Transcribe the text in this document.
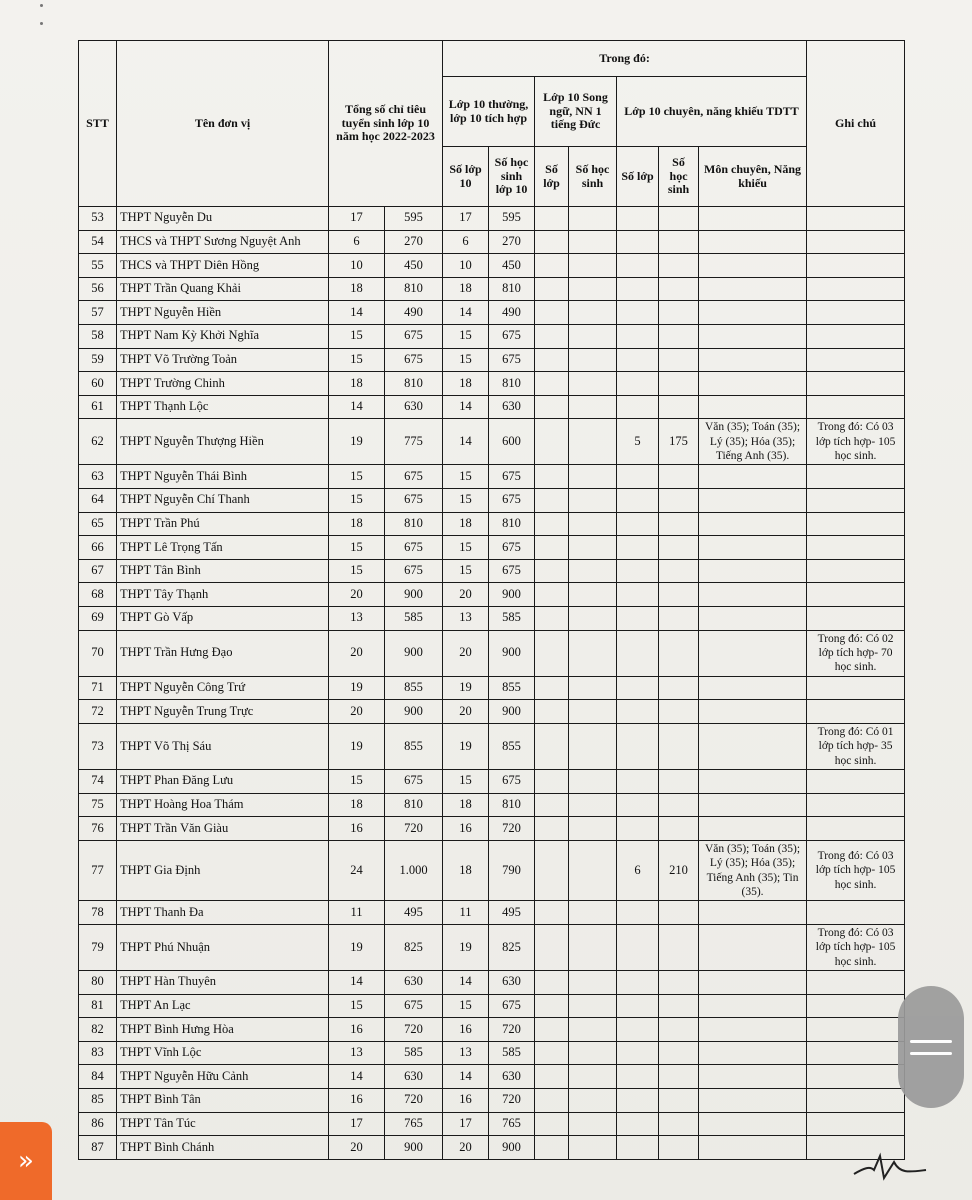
STT	Tên đơn vị	Tổng số chỉ tiêu tuyển sinh lớp 10 năm học 2022-2023		Trong đó:							Ghi chú
				Lớp 10 thường, lớp 10 tích hợp		Lớp 10 Song ngữ, NN 1 tiếng Đức		Lớp 10 chuyên, năng khiếu TDTT			
				Số lớp 10	Số học sinh lớp 10	Số lớp	Số học sinh	Số lớp	Số học sinh	Môn chuyên, Năng khiếu	
53	THPT Nguyễn Du	17	595	17	595						
54	THCS và THPT Sương Nguyệt Anh	6	270	6	270						
55	THCS và THPT Diên Hồng	10	450	10	450						
56	THPT Trần Quang Khải	18	810	18	810						
57	THPT Nguyễn Hiền	14	490	14	490						
58	THPT Nam Kỳ Khởi Nghĩa	15	675	15	675						
59	THPT Võ Trường Toản	15	675	15	675						
60	THPT Trường Chinh	18	810	18	810						
61	THPT Thạnh Lộc	14	630	14	630						
62	THPT Nguyễn Thượng Hiền	19	775	14	600			5	175	Văn (35); Toán (35); Lý (35); Hóa (35); Tiếng Anh (35).	Trong đó: Có 03 lớp tích hợp- 105 học sinh.
63	THPT Nguyễn Thái Bình	15	675	15	675						
64	THPT Nguyễn Chí Thanh	15	675	15	675						
65	THPT Trần Phú	18	810	18	810						
66	THPT Lê Trọng Tấn	15	675	15	675						
67	THPT Tân Bình	15	675	15	675						
68	THPT Tây Thạnh	20	900	20	900						
69	THPT Gò Vấp	13	585	13	585						
70	THPT Trần Hưng Đạo	20	900	20	900						Trong đó: Có 02 lớp tích hợp- 70 học sinh.
71	THPT Nguyễn Công Trứ	19	855	19	855						
72	THPT Nguyễn Trung Trực	20	900	20	900						
73	THPT Võ Thị Sáu	19	855	19	855						Trong đó: Có 01 lớp tích hợp- 35 học sinh.
74	THPT Phan Đăng Lưu	15	675	15	675						
75	THPT Hoàng Hoa Thám	18	810	18	810						
76	THPT Trần Văn Giàu	16	720	16	720						
77	THPT Gia Định	24	1.000	18	790			6	210	Văn (35); Toán (35); Lý (35); Hóa (35); Tiếng Anh (35); Tin (35).	Trong đó: Có 03 lớp tích hợp- 105 học sinh.
78	THPT Thanh Đa	11	495	11	495						
79	THPT Phú Nhuận	19	825	19	825						Trong đó: Có 03 lớp tích hợp- 105 học sinh.
80	THPT Hàn Thuyên	14	630	14	630						
81	THPT An Lạc	15	675	15	675						
82	THPT Bình Hưng Hòa	16	720	16	720						
83	THPT Vĩnh Lộc	13	585	13	585						
84	THPT Nguyễn Hữu Cảnh	14	630	14	630						
85	THPT Bình Tân	16	720	16	720						
86	THPT Tân Túc	17	765	17	765						
87	THPT Bình Chánh	20	900	20	900						
»
